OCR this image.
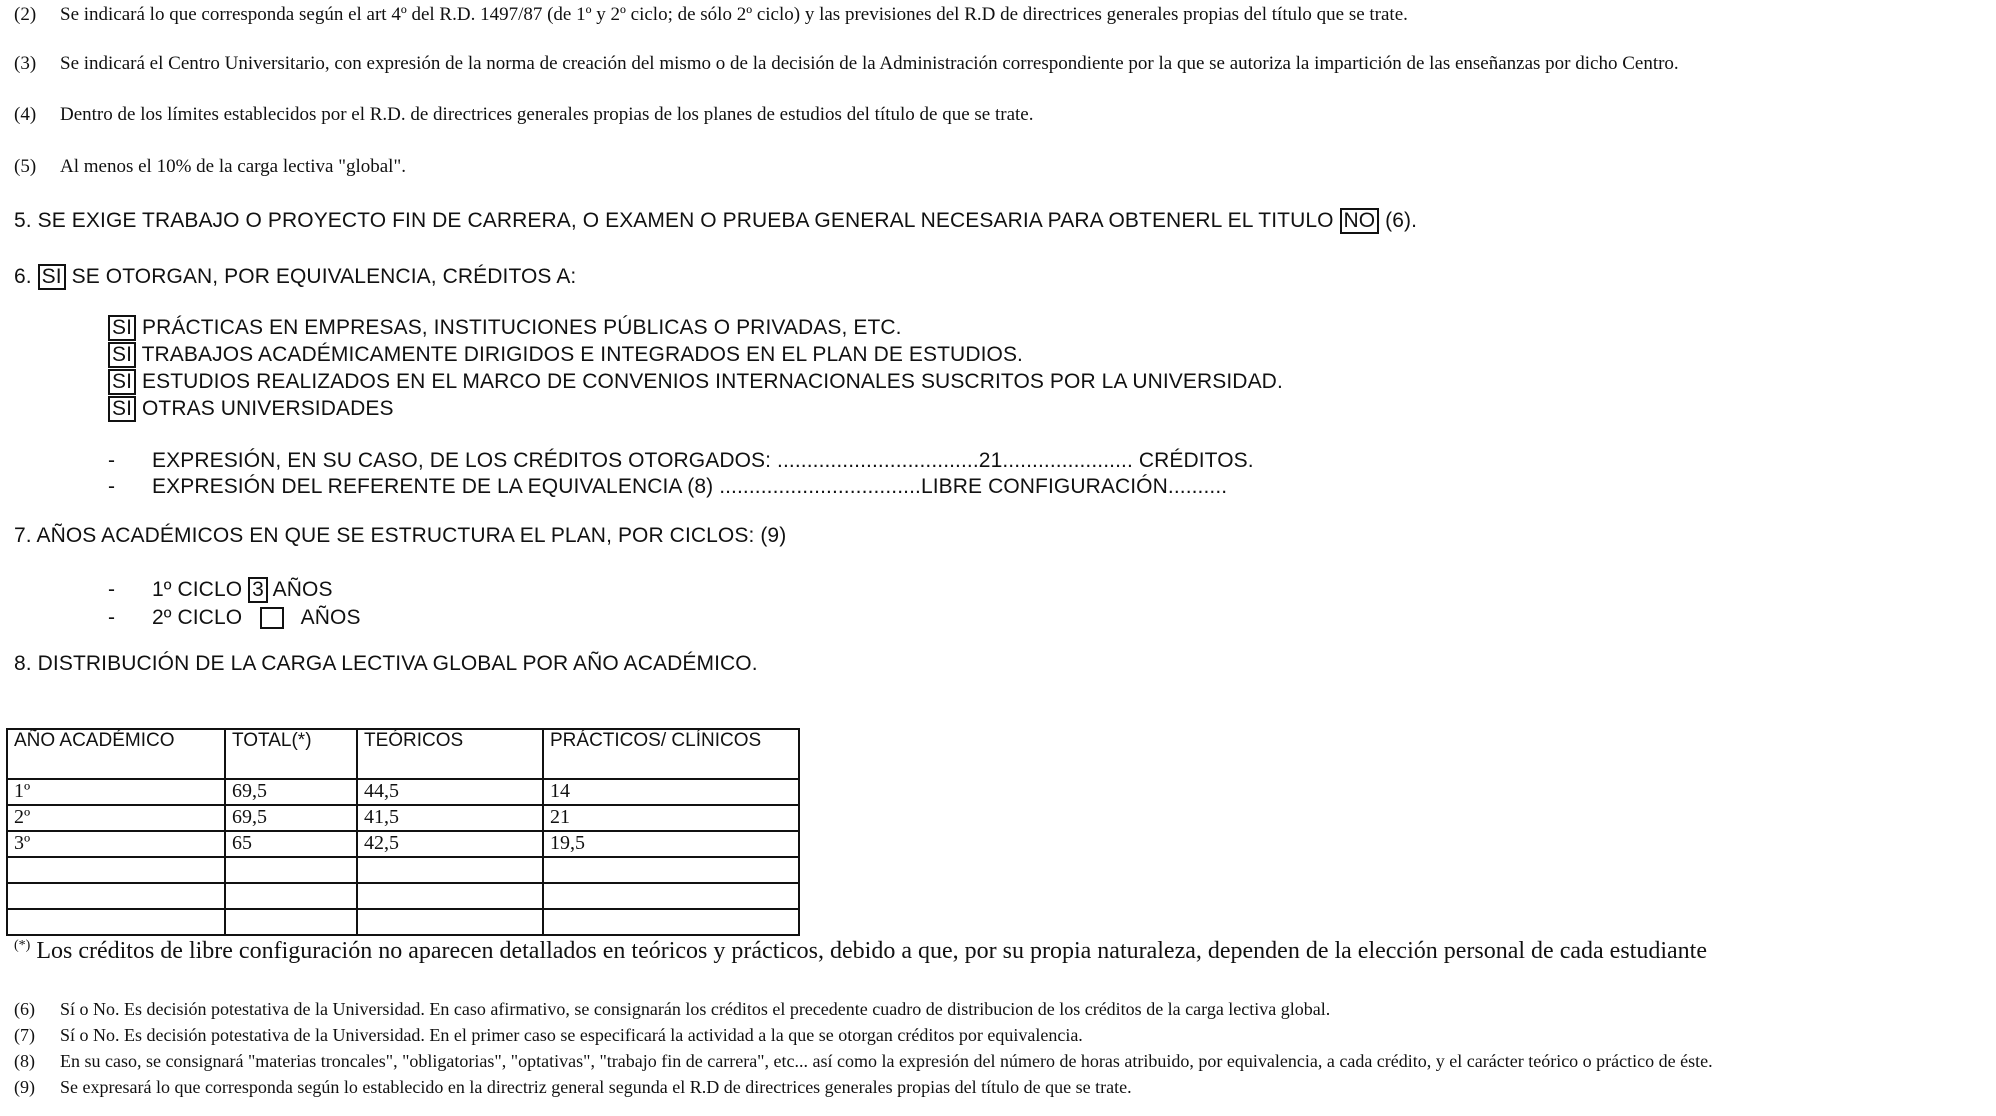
(2) Se indicará lo que corresponda según el art 4º del R.D. 1497/87 (de 1º y 2º ciclo; de sólo 2º ciclo) y las previsiones del R.D de directrices generales propias del título que se trate.
(3) Se indicará el Centro Universitario, con expresión de la norma de creación del mismo o de la decisión de la Administración correspondiente por la que se autoriza la impartición de las enseñanzas por dicho Centro.
(4) Dentro de los límites establecidos por el R.D. de directrices generales propias de los planes de estudios del título de que se trate.
(5) Al menos el 10% de la carga lectiva "global".
5. SE EXIGE TRABAJO O PROYECTO FIN DE CARRERA, O EXAMEN O PRUEBA GENERAL NECESARIA PARA OBTENERL EL TITULO NO (6).
6. SI SE OTORGAN, POR EQUIVALENCIA, CRÉDITOS A:
SI PRÁCTICAS EN EMPRESAS, INSTITUCIONES PÚBLICAS O PRIVADAS, ETC.
SI TRABAJOS ACADÉMICAMENTE DIRIGIDOS E INTEGRADOS EN EL PLAN DE ESTUDIOS.
SI ESTUDIOS REALIZADOS EN EL MARCO DE CONVENIOS INTERNACIONALES SUSCRITOS POR LA UNIVERSIDAD.
SI OTRAS UNIVERSIDADES
- EXPRESIÓN, EN SU CASO, DE LOS CRÉDITOS OTORGADOS: ..................................21...................... CRÉDITOS.
- EXPRESIÓN DEL REFERENTE DE LA EQUIVALENCIA (8) ..................................LIBRE CONFIGURACIÓN..........
7. AÑOS ACADÉMICOS EN QUE SE ESTRUCTURA EL PLAN, POR CICLOS: (9)
- 1º CICLO 3 AÑOS
- 2º CICLO	AÑOS
8. DISTRIBUCIÓN DE LA CARGA LECTIVA GLOBAL POR AÑO ACADÉMICO.
AÑO ACADÉMICO	TOTAL(*)	TEÓRICOS	PRÁCTICOS/ CLÍNICOS
1º	69,5	44,5	14
2º	69,5	41,5	21
3º	65	42,5	19,5

(*) Los créditos de libre configuración no aparecen detallados en teóricos y prácticos, debido a que, por su propia naturaleza, dependen de la elección personal de cada estudiante
(6) Sí o No. Es decisión potestativa de la Universidad. En caso afirmativo, se consignarán los créditos el precedente cuadro de distribucion de los créditos de la carga lectiva global.
(7) Sí o No. Es decisión potestativa de la Universidad. En el primer caso se especificará la actividad a la que se otorgan créditos por equivalencia.
(8) En su caso, se consignará "materias troncales", "obligatorias", "optativas", "trabajo fin de carrera", etc... así como la expresión del número de horas atribuido, por equivalencia, a cada crédito, y el carácter teórico o práctico de éste.
(9) Se expresará lo que corresponda según lo establecido en la directriz general segunda el R.D de directrices generales propias del título de que se trate.
